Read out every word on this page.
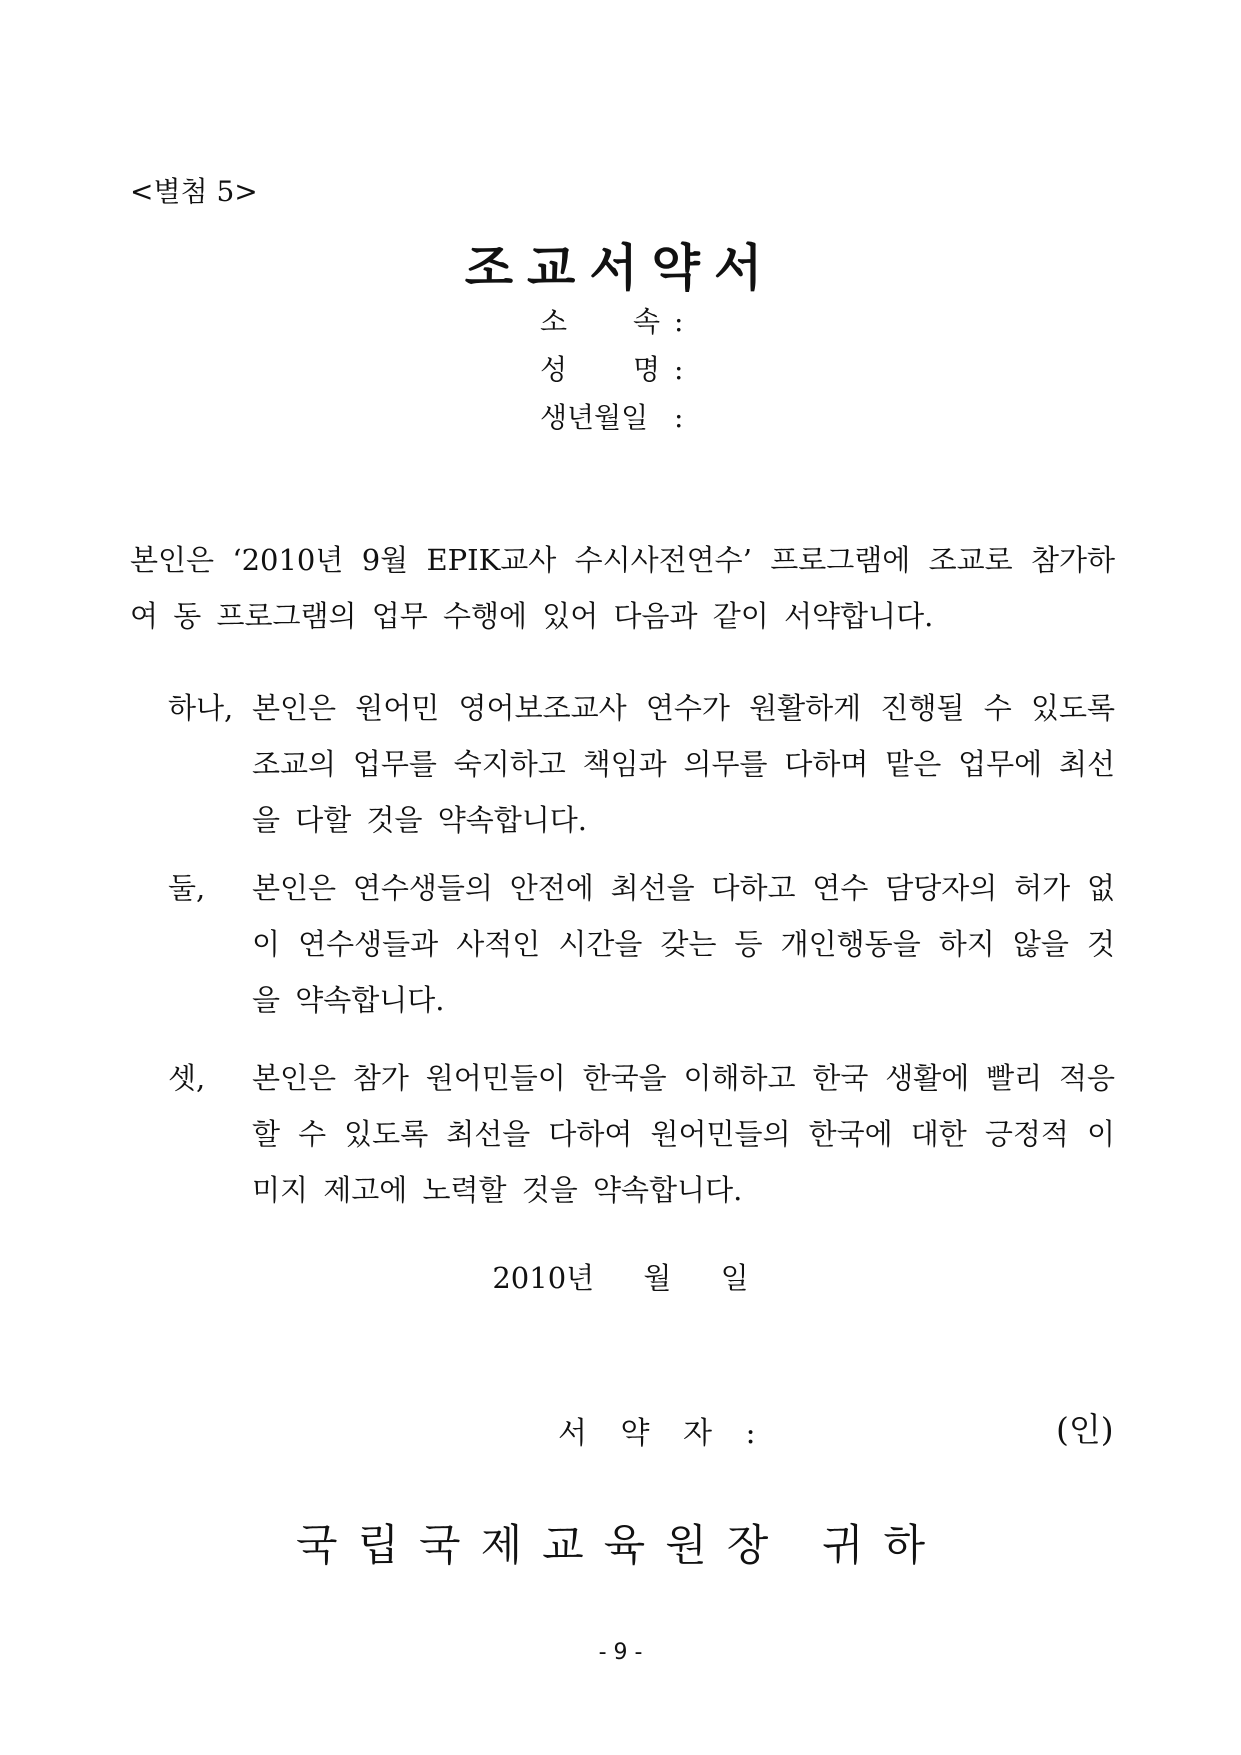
<별첨 5>
조교서약서
소 속 :
성 명 :
생년월일 :
본인은 ‘2010년 9월 EPIK교사 수시사전연수’ 프로그램에 조교로 참가하여 동 프로그램의 업무 수행에 있어 다음과 같이 서약합니다.
하나, 본인은 원어민 영어보조교사 연수가 원활하게 진행될 수 있도록 조교의 업무를 숙지하고 책임과 의무를 다하며 맡은 업무에 최선을 다할 것을 약속합니다.
둘, 본인은 연수생들의 안전에 최선을 다하고 연수 담당자의 허가 없이 연수생들과 사적인 시간을 갖는 등 개인행동을 하지 않을 것을 약속합니다.
셋, 본인은 참가 원어민들이 한국을 이해하고 한국 생활에 빨리 적응할 수 있도록 최선을 다하여 원어민들의 한국에 대한 긍정적 이미지 제고에 노력할 것을 약속합니다.
2010년 월 일
서 약 자 :	(인)
국립국제교육원장 귀하
- 9 -
